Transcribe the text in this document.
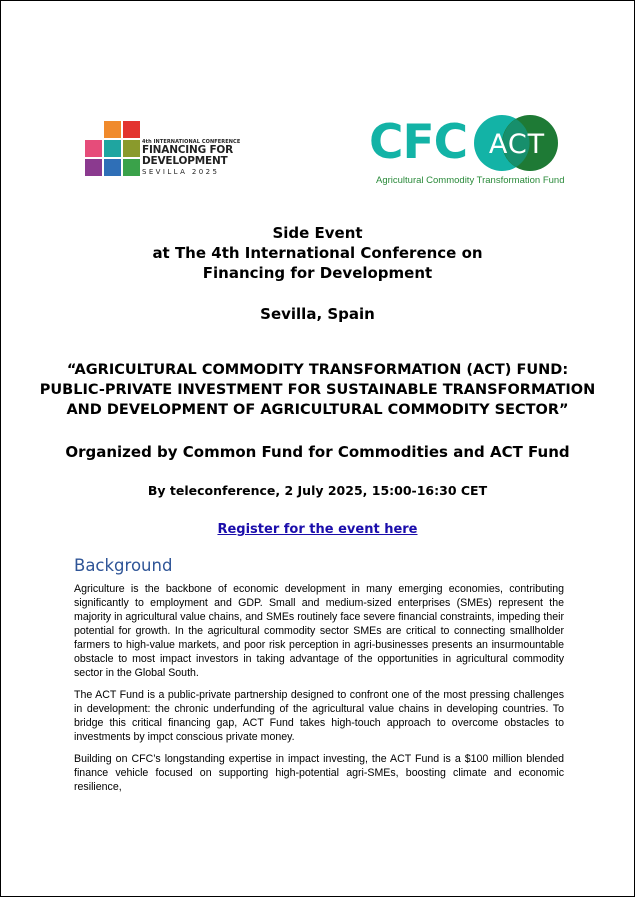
4th INTERNATIONAL CONFERENCE
FINANCING FOR
DEVELOPMENT
SEVILLA 2025
CFC ACT
Agricultural Commodity Transformation Fund
Side Event
at The 4th International Conference on
Financing for Development
Sevilla, Spain
“AGRICULTURAL COMMODITY TRANSFORMATION (ACT) FUND:
PUBLIC-PRIVATE INVESTMENT FOR SUSTAINABLE TRANSFORMATION
AND DEVELOPMENT OF AGRICULTURAL COMMODITY SECTOR”
Organized by Common Fund for Commodities and ACT Fund
By teleconference, 2 July 2025, 15:00-16:30 CET
Register for the event here
Background
Agriculture is the backbone of economic development in many emerging economies, contributing significantly to employment and GDP. Small and medium-sized enterprises (SMEs) represent the majority in agricultural value chains, and SMEs routinely face severe financial constraints, impeding their potential for growth. In the agricultural commodity sector SMEs are critical to connecting smallholder farmers to high-value markets, and poor risk perception in agri-businesses presents an insurmountable obstacle to most impact investors in taking advantage of the opportunities in agricultural commodity sector in the Global South.
The ACT Fund is a public-private partnership designed to confront one of the most pressing challenges in development: the chronic underfunding of the agricultural value chains in developing countries. To bridge this critical financing gap, ACT Fund takes high-touch approach to overcome obstacles to investments by impct conscious private money.
Building on CFC’s longstanding expertise in impact investing, the ACT Fund is a $100 million blended finance vehicle focused on supporting high-potential agri-SMEs, boosting climate and economic resilience,
